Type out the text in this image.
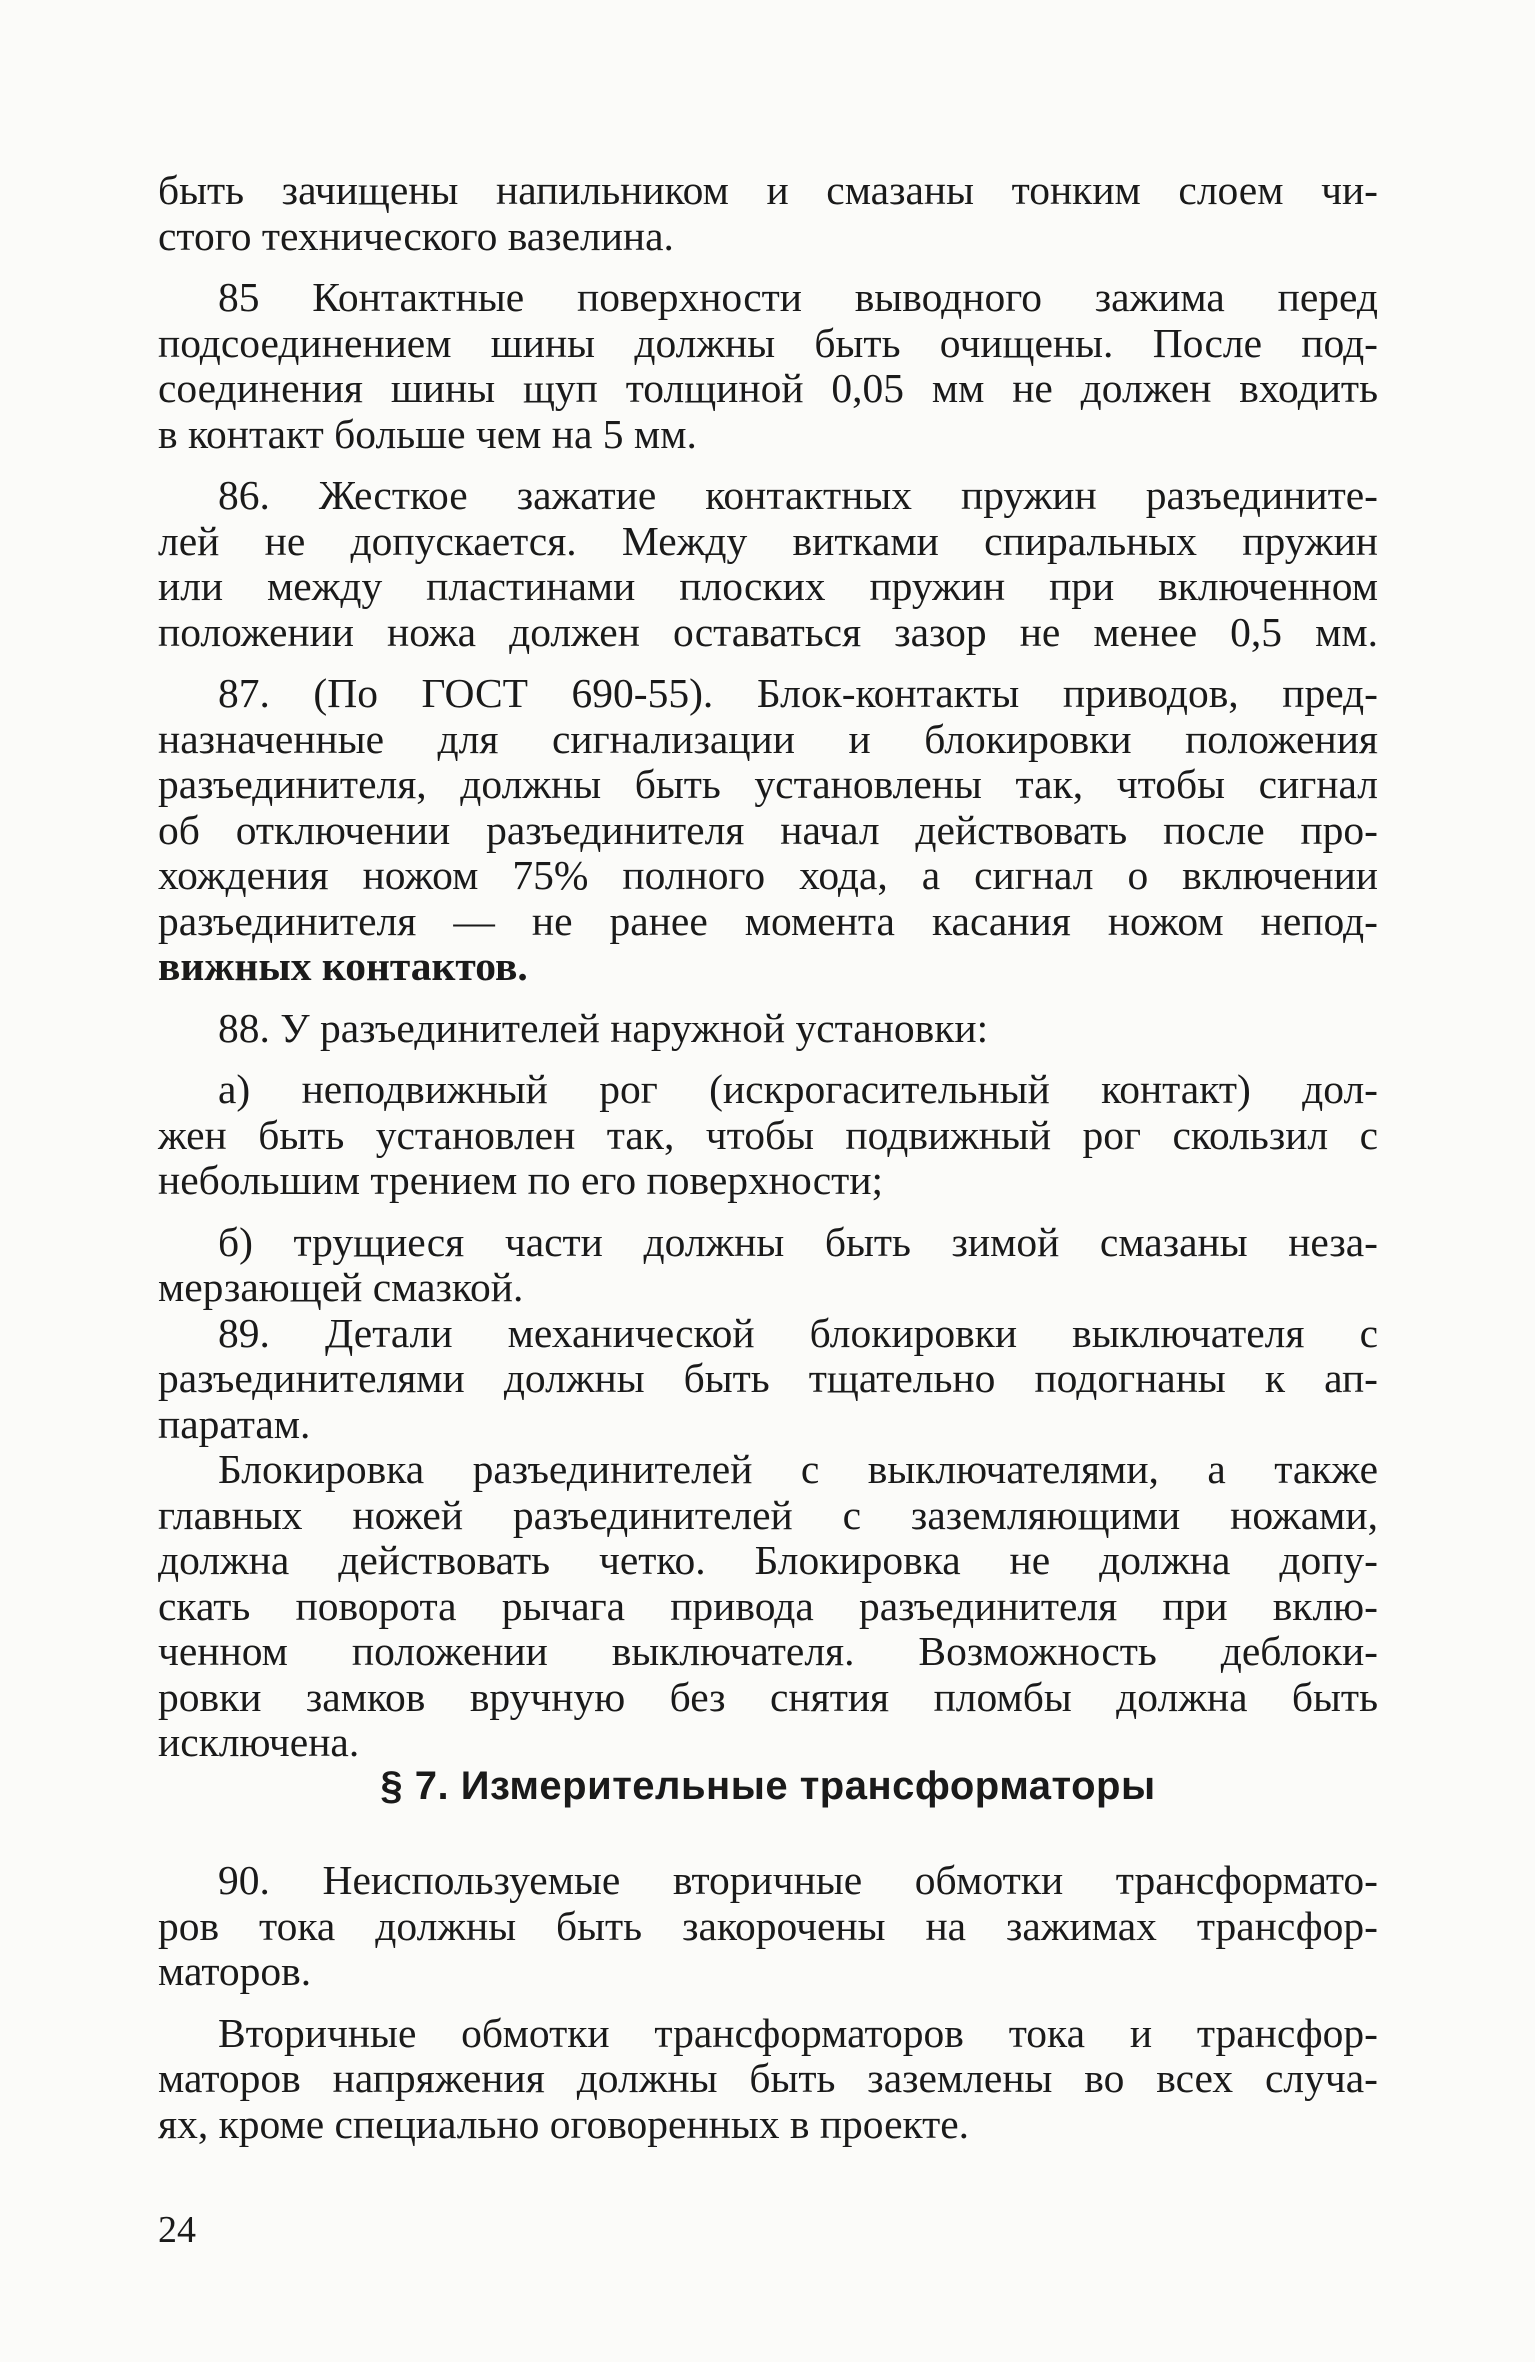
быть зачищены напильником и смазаны тонким слоем чи-
стого технического вазелина.
85 Контактные поверхности выводного зажима перед
подсоединением шины должны быть очищены. После под-
соединения шины щуп толщиной 0,05 мм не должен входить
в контакт больше чем на 5 мм.
86. Жесткое зажатие контактных пружин разъедините-
лей не допускается. Между витками спиральных пружин
или между пластинами плоских пружин при включенном
положении ножа должен оставаться зазор не менее 0,5 мм.
87. (По ГОСТ 690-55). Блок-контакты приводов, пред-
назначенные для сигнализации и блокировки положения
разъединителя, должны быть установлены так, чтобы сигнал
об отключении разъединителя начал действовать после про-
хождения ножом 75% полного хода, а сигнал о включении
разъединителя — не ранее момента касания ножом непод-
вижных контактов.
88. У разъединителей наружной установки:
а) неподвижный рог (искрогасительный контакт) дол-
жен быть установлен так, чтобы подвижный рог скользил с
небольшим трением по его поверхности;
б) трущиеся части должны быть зимой смазаны неза-
мерзающей смазкой.
89. Детали механической блокировки выключателя с
разъединителями должны быть тщательно подогнаны к ап-
паратам.
Блокировка разъединителей с выключателями, а также
главных ножей разъединителей с заземляющими ножами,
должна действовать четко. Блокировка не должна допу-
скать поворота рычага привода разъединителя при вклю-
ченном положении выключателя. Возможность деблоки-
ровки замков вручную без снятия пломбы должна быть
исключена.
§ 7. Измерительные трансформаторы
90. Неиспользуемые вторичные обмотки трансформато-
ров тока должны быть закорочены на зажимах трансфор-
маторов.
Вторичные обмотки трансформаторов тока и трансфор-
маторов напряжения должны быть заземлены во всех случа-
ях, кроме специально оговоренных в проекте.
24
